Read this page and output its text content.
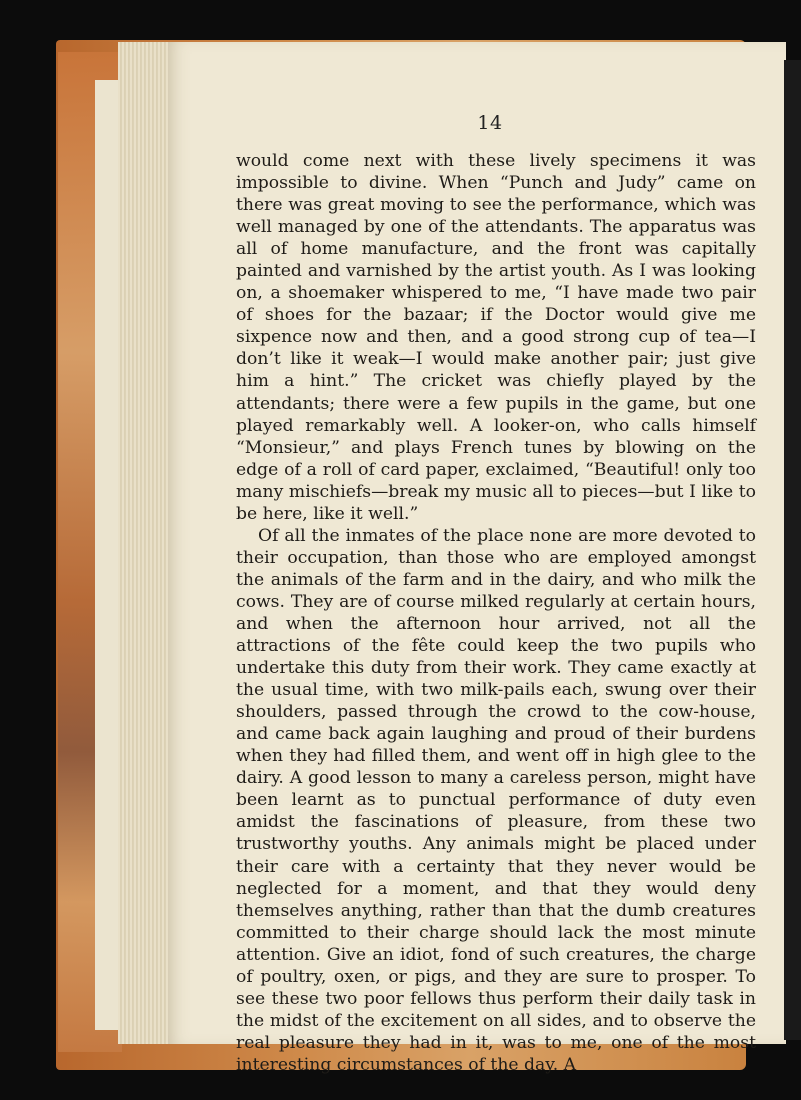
14

would come next with these lively specimens it was impossible to divine. When “Punch and Judy” came on there was great moving to see the performance, which was well managed by one of the attendants. The apparatus was all of home manufacture, and the front was capitally painted and varnished by the artist youth. As I was looking on, a shoemaker whispered to me, “I have made two pair of shoes for the bazaar; if the Doctor would give me sixpence now and then, and a good strong cup of tea—I don’t like it weak—I would make another pair; just give him a hint.” The cricket was chiefly played by the attendants; there were a few pupils in the game, but one played remarkably well. A looker-on, who calls himself “Monsieur,” and plays French tunes by blowing on the edge of a roll of card paper, exclaimed, “Beautiful! only too many mischiefs—break my music all to pieces—but I like to be here, like it well.”

Of all the inmates of the place none are more devoted to their occupation, than those who are employed amongst the animals of the farm and in the dairy, and who milk the cows. They are of course milked regularly at certain hours, and when the afternoon hour arrived, not all the attractions of the fête could keep the two pupils who undertake this duty from their work. They came exactly at the usual time, with two milk-pails each, swung over their shoulders, passed through the crowd to the cow-house, and came back again laughing and proud of their burdens when they had filled them, and went off in high glee to the dairy. A good lesson to many a careless person, might have been learnt as to punctual performance of duty even amidst the fascinations of pleasure, from these two trustworthy youths. Any animals might be placed under their care with a certainty that they never would be neglected for a moment, and that they would deny themselves anything, rather than that the dumb creatures committed to their charge should lack the most minute attention. Give an idiot, fond of such creatures, the charge of poultry, oxen, or pigs, and they are sure to prosper. To see these two poor fellows thus perform their daily task in the midst of the excitement on all sides, and to observe the real pleasure they had in it, was to me, one of the most interesting circumstances of the day. A
